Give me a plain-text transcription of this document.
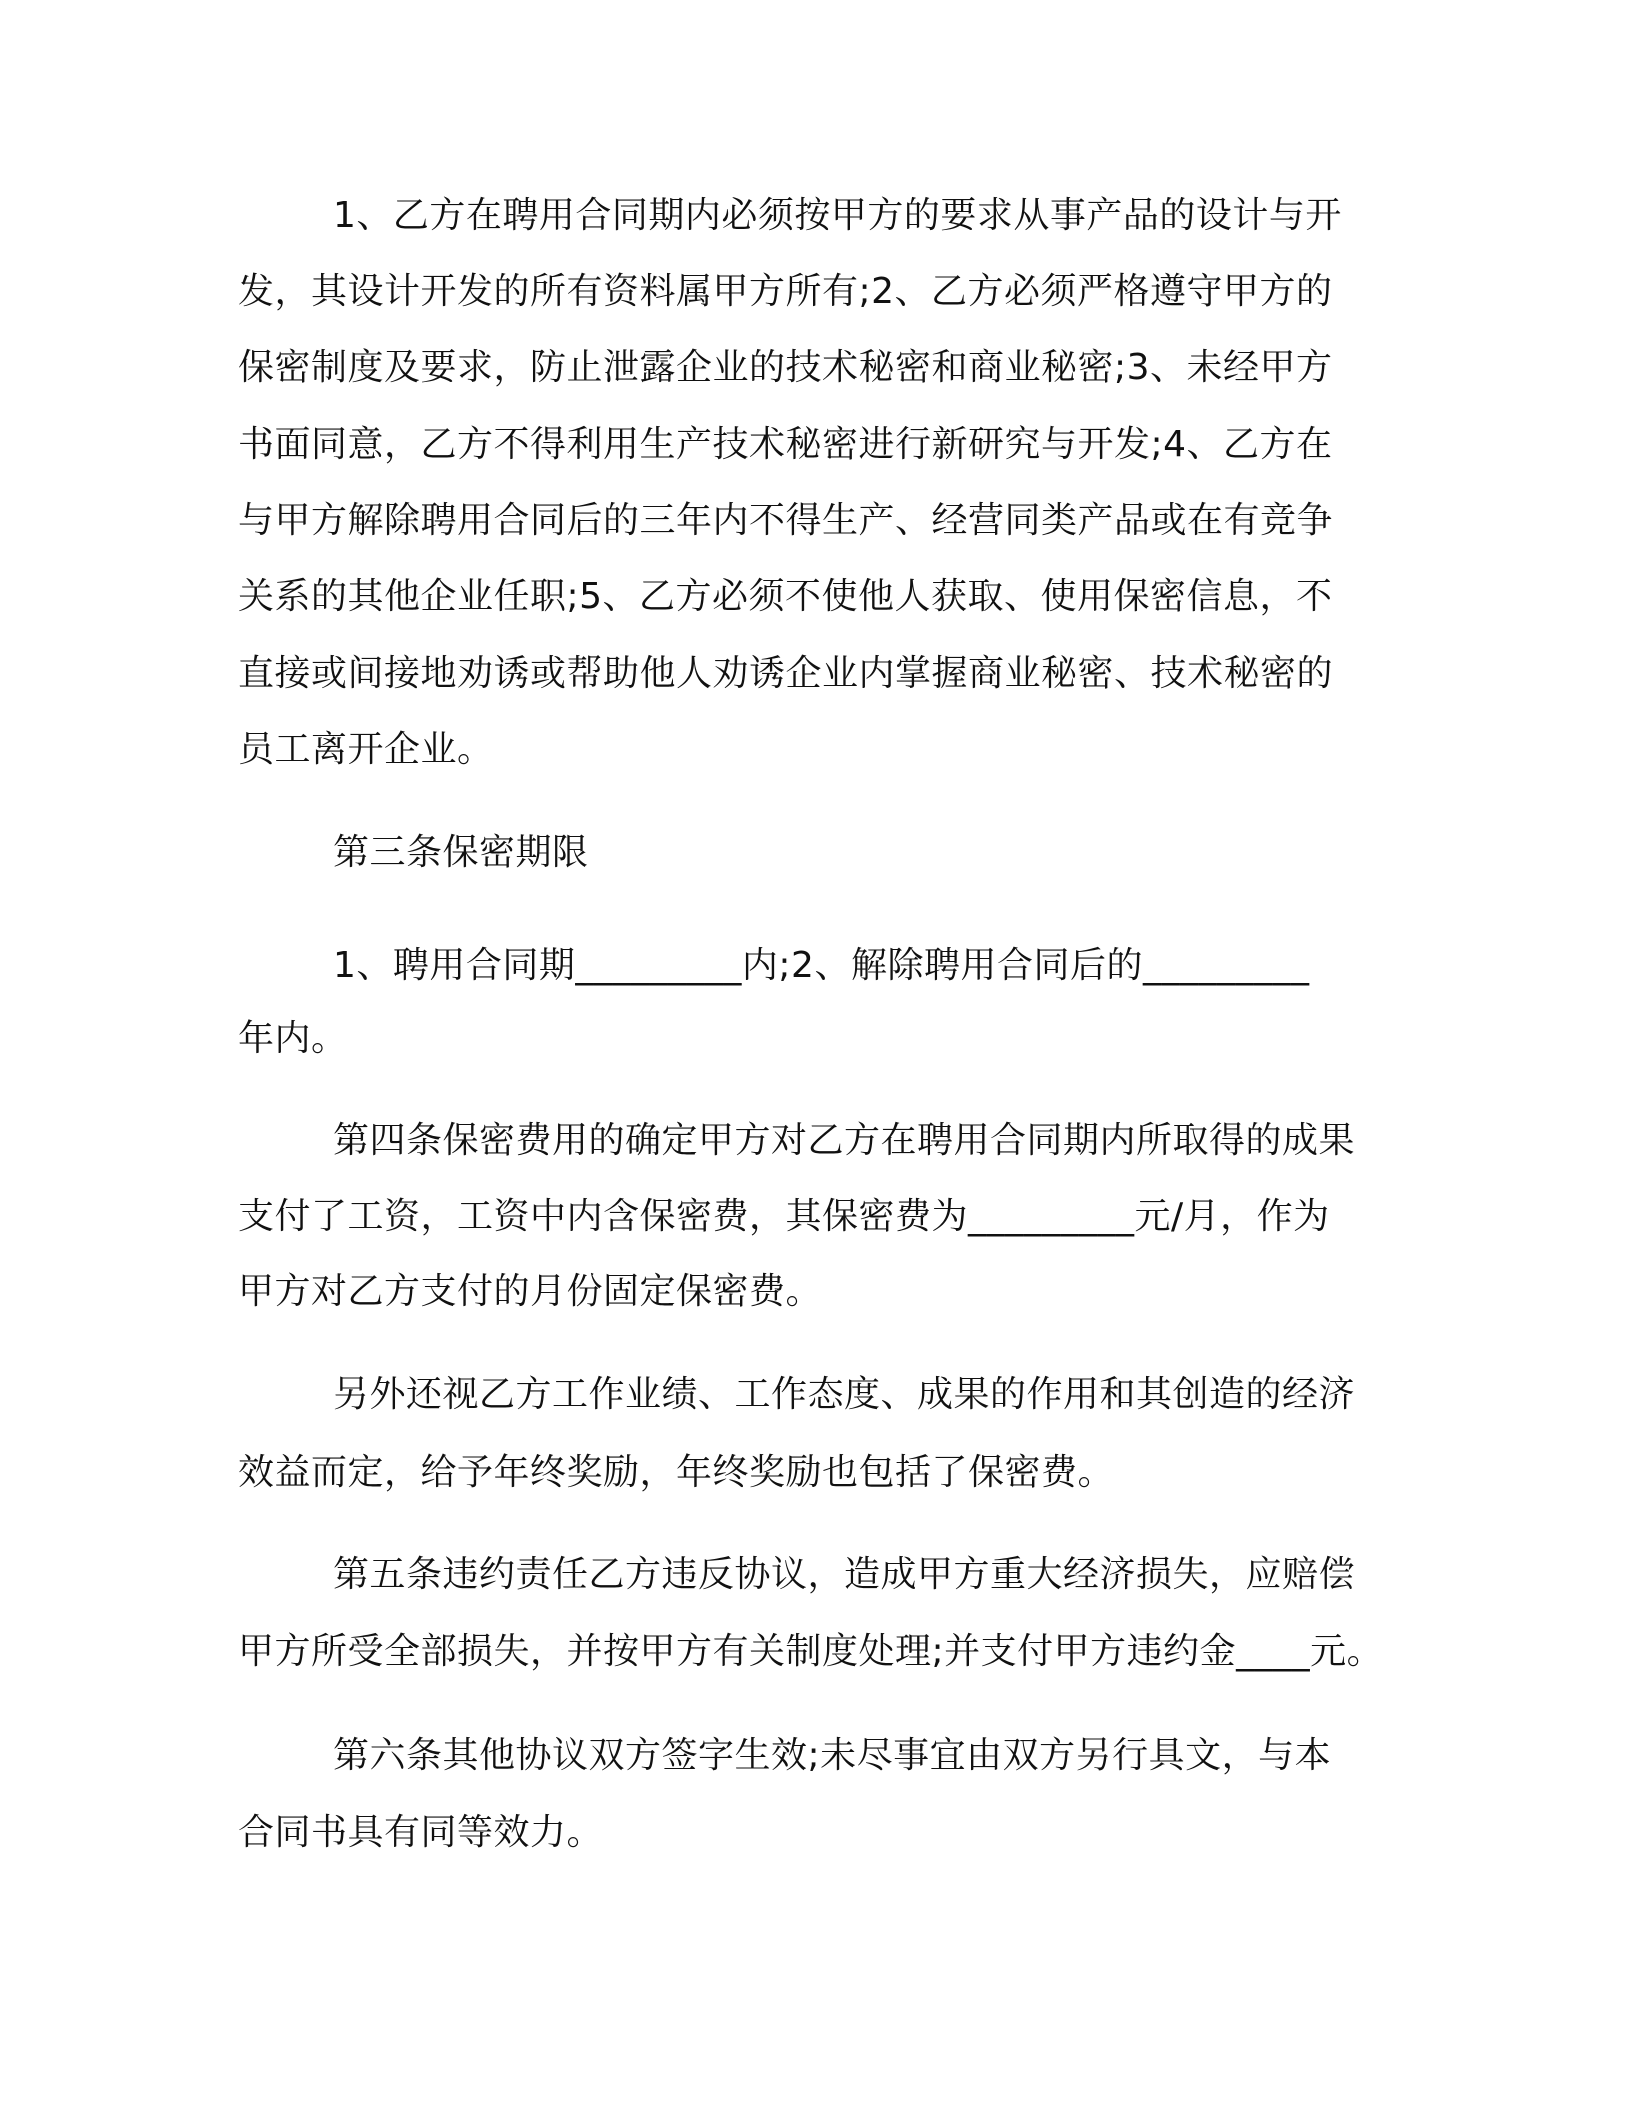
1、乙方在聘用合同期内必须按甲方的要求从事产品的设计与开
发，其设计开发的所有资料属甲方所有;2、乙方必须严格遵守甲方的
保密制度及要求，防止泄露企业的技术秘密和商业秘密;3、未经甲方
书面同意，乙方不得利用生产技术秘密进行新研究与开发;4、乙方在
与甲方解除聘用合同后的三年内不得生产、经营同类产品或在有竞争
关系的其他企业任职;5、乙方必须不使他人获取、使用保密信息，不
直接或间接地劝诱或帮助他人劝诱企业内掌握商业秘密、技术秘密的
员工离开企业。
第三条保密期限
1、聘用合同期_________内;2、解除聘用合同后的_________
年内。
第四条保密费用的确定甲方对乙方在聘用合同期内所取得的成果
支付了工资，工资中内含保密费，其保密费为_________元/月，作为
甲方对乙方支付的月份固定保密费。
另外还视乙方工作业绩、工作态度、成果的作用和其创造的经济
效益而定，给予年终奖励，年终奖励也包括了保密费。
第五条违约责任乙方违反协议，造成甲方重大经济损失，应赔偿
甲方所受全部损失，并按甲方有关制度处理;并支付甲方违约金____元。
第六条其他协议双方签字生效;未尽事宜由双方另行具文，与本
合同书具有同等效力。
